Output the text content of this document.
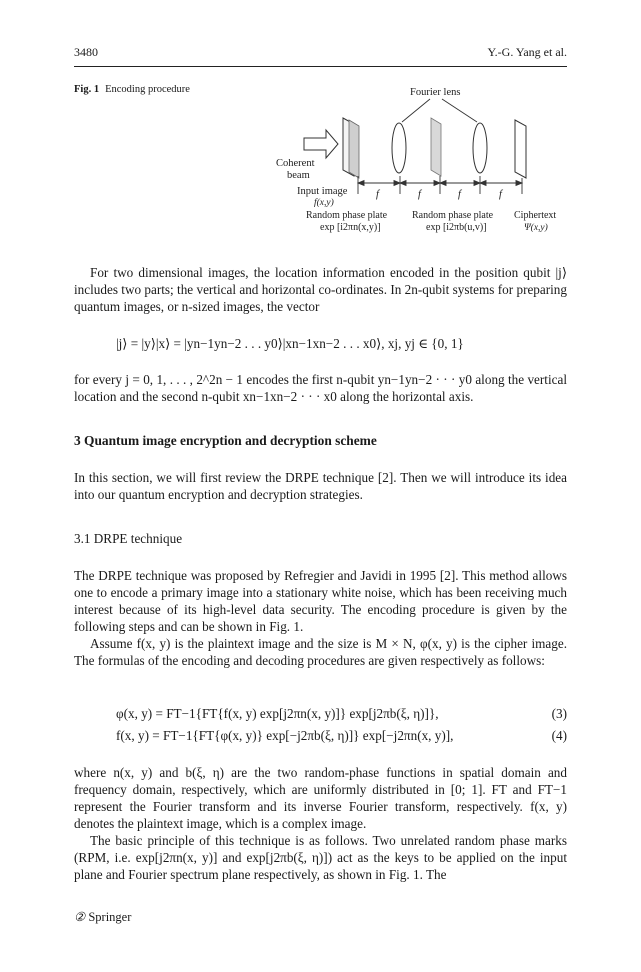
3480	Y.-G. Yang et al.
Fig. 1 Encoding procedure	Fourier lens
Coherent
beam
f	f	f	f
Input image
f(x,y)
Random phase plate
exp [i2πn(x,y)]
Random phase plate
exp [i2πb(u,v)]
Ciphertext
Ψ(x,y)
For two dimensional images, the location information encoded in the position qubit |j⟩ includes two parts; the vertical and horizontal co-ordinates. In 2n-qubit systems for preparing quantum images, or n-sized images, the vector
|j⟩ = |y⟩|x⟩ = |yn−1yn−2 . . . y0⟩|xn−1xn−2 . . . x0⟩, xj, yj ∈ {0, 1}
for every j = 0, 1, . . . , 2^2n − 1 encodes the first n-qubit yn−1yn−2 · · · y0 along the vertical location and the second n-qubit xn−1xn−2 · · · x0 along the horizontal axis.
3 Quantum image encryption and decryption scheme
In this section, we will first review the DRPE technique [2]. Then we will introduce its idea into our quantum encryption and decryption strategies.
3.1 DRPE technique
The DRPE technique was proposed by Refregier and Javidi in 1995 [2]. This method allows one to encode a primary image into a stationary white noise, which has been receiving much interest because of its high-level data security. The encoding procedure is given by the following steps and can be shown in Fig. 1.
Assume f(x, y) is the plaintext image and the size is M × N, φ(x, y) is the cipher image. The formulas of the encoding and decoding procedures are given respectively as follows:
φ(x, y) = FT−1{FT{f(x, y) exp[j2πn(x, y)]} exp[j2πb(ξ, η)]},	(3)
f(x, y) = FT−1{FT{φ(x, y)} exp[−j2πb(ξ, η)]} exp[−j2πn(x, y)],	(4)
where n(x, y) and b(ξ, η) are the two random-phase functions in spatial domain and frequency domain, respectively, which are uniformly distributed in [0; 1]. FT and FT−1 represent the Fourier transform and its inverse Fourier transform, respectively. f(x, y) denotes the plaintext image, which is a complex image.
The basic principle of this technique is as follows. Two unrelated random phase marks (RPM, i.e. exp[j2πn(x, y)] and exp[j2πb(ξ, η)]) act as the keys to be applied on the input plane and Fourier spectrum plane respectively, as shown in Fig. 1. The
② Springer
